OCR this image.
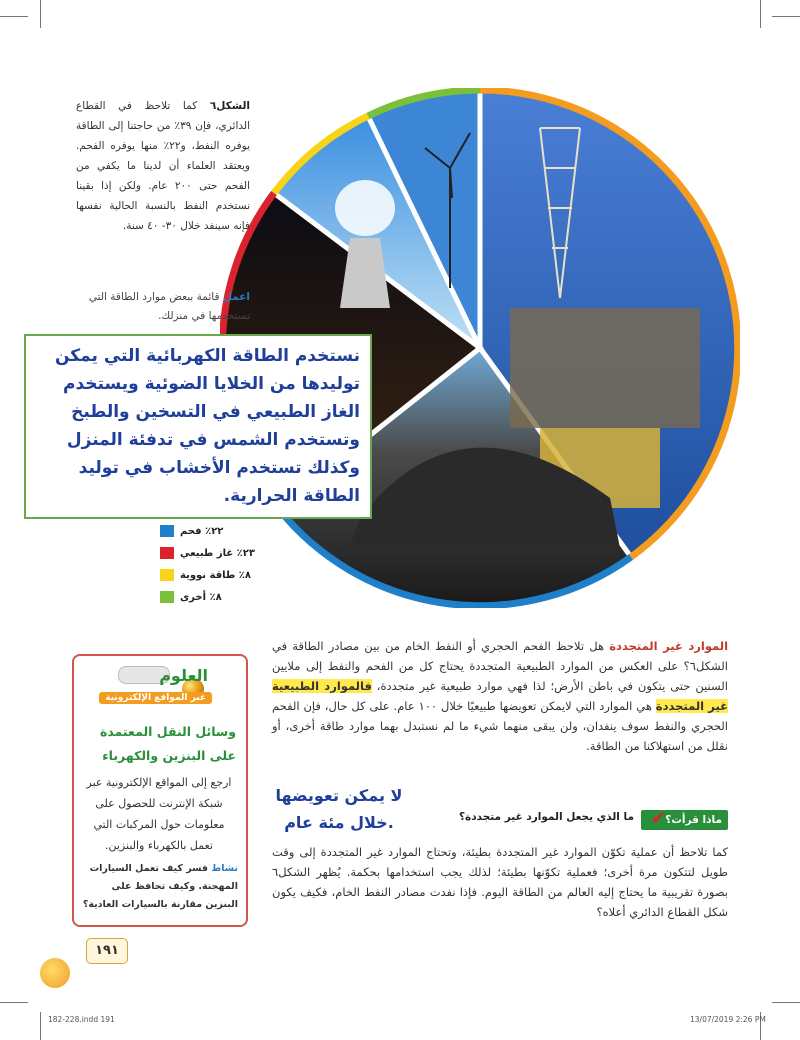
الشكل٦ كما تلاحظ في القطاع الدائري، فإن ٣٩٪ من حاجتنا إلى الطاقة يوفره النفط، و٢٢٪ منها يوفره الفحم. ويعتقد العلماء أن لدينا ما يكفي من الفحم حتى ٢٠٠ عام. ولكن إذا بقينا نستخدم النفط بالنسبة الحالية نفسها فإنه سينفد خلال ٣٠- ٤٠ سنة.
اعمل قائمة ببعض موارد الطاقة التي تستخدمها في منزلك.
نستخدم الطاقة الكهربائية التي يمكن توليدها من الخلايا الضوئية ويستخدم الغاز الطبيعي في التسخين والطبخ وتستخدم الشمس في تدفئة المنزل وكذلك تستخدم الأخشاب في توليد الطاقة الحرارية.
٢٢٪ فحم
٢٣٪ غاز طبيعي
٨٪ طاقة نووية
٨٪ أخرى
العلوم
عبر المواقع الإلكترونية
وسائل النقل المعتمدة على البنزين والكهرباء
ارجع إلى المواقع الإلكترونية عبر شبكة الإنترنت للحصول على معلومات حول المركبات التي تعمل بالكهرباء والبنزين.
نشاط فسر كيف تعمل السيارات المهجنة. وكيف تحافظ على البنزين مقارنة بالسيارات العادية؟
الموارد غير المتجددة هل تلاحظ الفحم الحجري أو النفط الخام من بين مصادر الطاقة في الشكل٦؟ على العكس من الموارد الطبيعية المتجددة يحتاج كل من الفحم والنفط إلى ملايين السنين حتى يتكون في باطن الأرض؛ لذا فهي موارد طبيعية غير متجددة، فالموارد الطبيعية غير المتجددة هي الموارد التي لايمكن تعويضها طبيعيًا خلال ١٠٠ عام. على كل حال، فإن الفحم الحجري والنفط سوف ينفدان، ولن يبقى منهما شيء ما لم نستبدل بهما موارد طاقة أخرى، أو نقلل من استهلاكنا من الطاقة.
لا يمكن تعويضها خلال مئة عام.	ماذا قرأت؟
✔
ما الذي يجعل الموارد غير متجددة؟
كما تلاحظ أن عملية تكوّن الموارد غير المتجددة بطيئة، وتحتاج الموارد غير المتجددة إلى وقت طويل لتتكون مرة أخرى؛ فعملية تكوّنها بطيئة؛ لذلك يجب استخدامها بحكمة. يُظهر الشكل٦ بصورة تقريبية ما يحتاج إليه العالم من الطاقة اليوم. فإذا نفدت مصادر النفط الخام، فكيف يكون شكل القطاع الدائري أعلاه؟
١٩١
182-228.indd 191	13/07/2019 2:26 PM
